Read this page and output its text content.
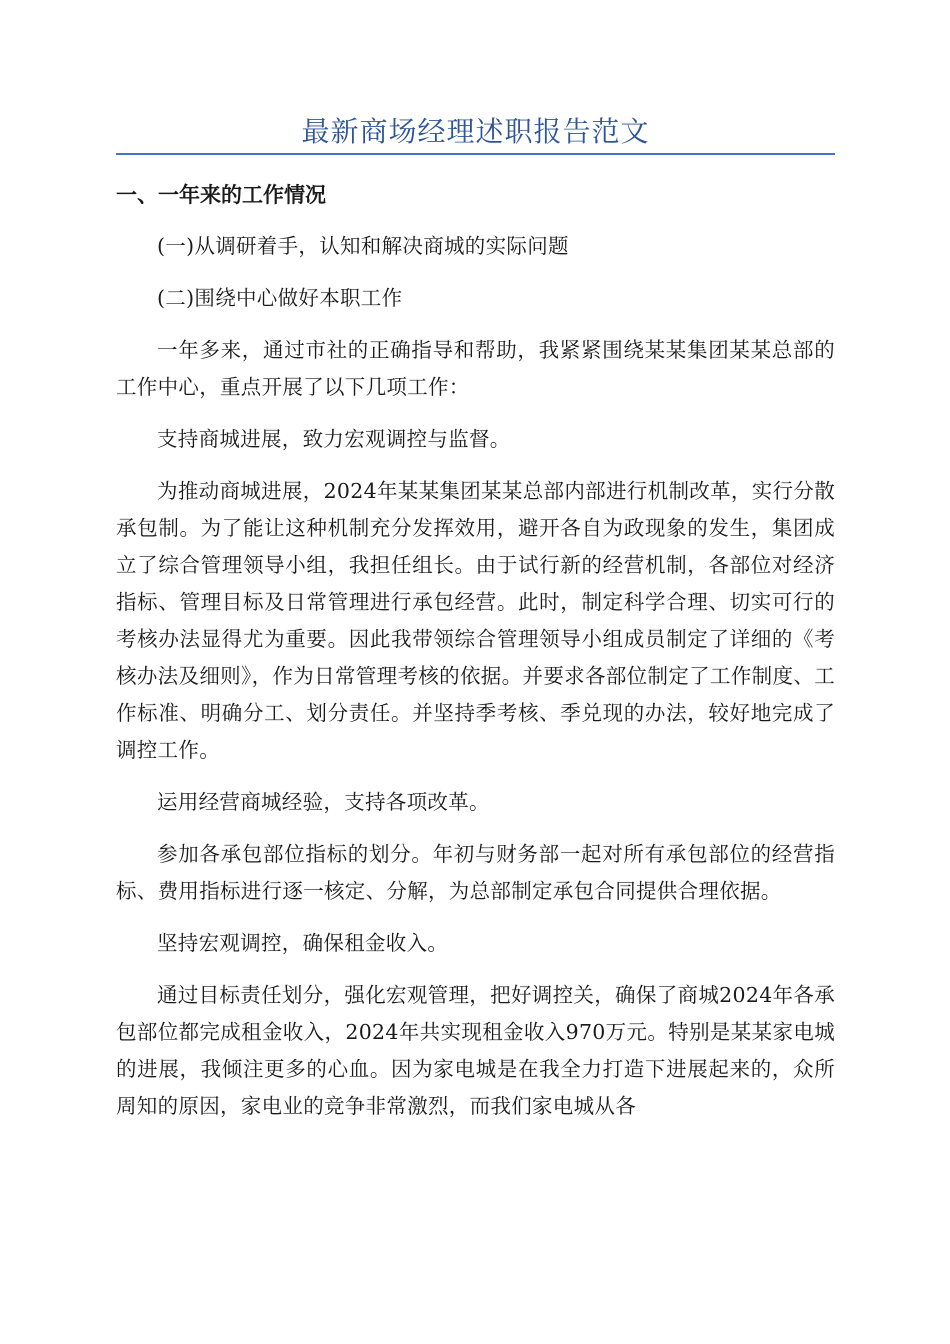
最新商场经理述职报告范文
一、一年来的工作情况

(一)从调研着手，认知和解决商城的实际问题

(二)围绕中心做好本职工作

一年多来，通过市社的正确指导和帮助，我紧紧围绕某某集团某某总部的工作中心，重点开展了以下几项工作：

支持商城进展，致力宏观调控与监督。

为推动商城进展，2024年某某集团某某总部内部进行机制改革，实行分散承包制。为了能让这种机制充分发挥效用，避开各自为政现象的发生，集团成立了综合管理领导小组，我担任组长。由于试行新的经营机制，各部位对经济指标、管理目标及日常管理进行承包经营。此时，制定科学合理、切实可行的考核办法显得尤为重要。因此我带领综合管理领导小组成员制定了详细的《考核办法及细则》，作为日常管理考核的依据。并要求各部位制定了工作制度、工作标准、明确分工、划分责任。并坚持季考核、季兑现的办法，较好地完成了调控工作。

运用经营商城经验，支持各项改革。

参加各承包部位指标的划分。年初与财务部一起对所有承包部位的经营指标、费用指标进行逐一核定、分解，为总部制定承包合同提供合理依据。

坚持宏观调控，确保租金收入。

通过目标责任划分，强化宏观管理，把好调控关，确保了商城2024年各承包部位都完成租金收入，2024年共实现租金收入970万元。特别是某某家电城的进展，我倾注更多的心血。因为家电城是在我全力打造下进展起来的，众所周知的原因，家电业的竞争非常激烈，而我们家电城从各
